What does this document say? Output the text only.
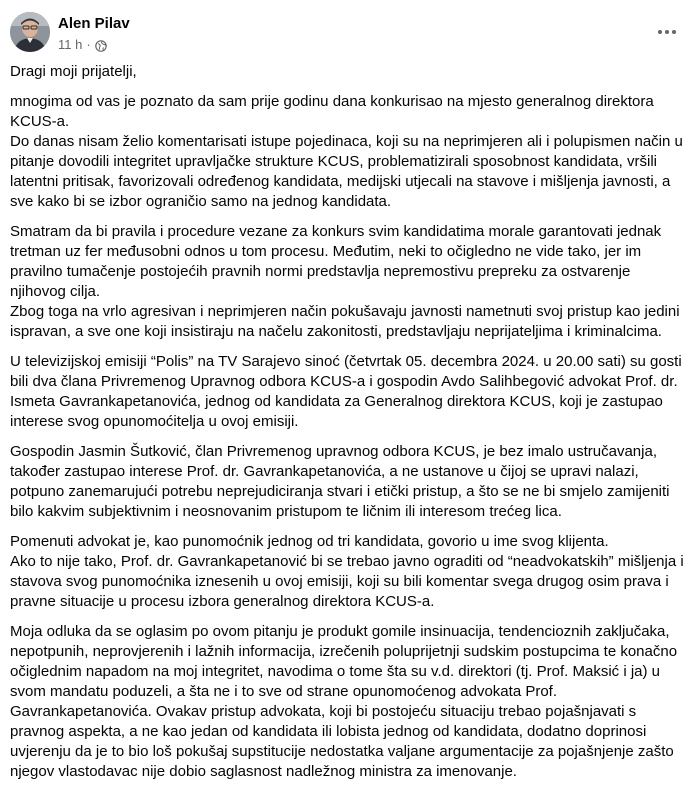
Alen Pilav
11 h ·

Dragi moji prijatelji,

mnogima od vas je poznato da sam prije godinu dana konkurisao na mjesto generalnog direktora
KCUS-a.
Do danas nisam želio komentarisati istupe pojedinaca, koji su na neprimjeren ali i polupismen način u
pitanje dovodili integritet upravljačke strukture KCUS, problematizirali sposobnost kandidata, vršili
latentni pritisak, favorizovali određenog kandidata, medijski utjecali na stavove i mišljenja javnosti, a
sve kako bi se izbor ograničio samo na jednog kandidata.

Smatram da bi pravila i procedure vezane za konkurs svim kandidatima morale garantovati jednak
tretman uz fer međusobni odnos u tom procesu. Međutim, neki to očigledno ne vide tako, jer im
pravilno tumačenje postojećih pravnih normi predstavlja nepremostivu prepreku za ostvarenje
njihovog cilja.
Zbog toga na vrlo agresivan i neprimjeren način pokušavaju javnosti nametnuti svoj pristup kao jedini
ispravan, a sve one koji insistiraju na načelu zakonitosti, predstavljaju neprijateljima i kriminalcima.

U televizijskoj emisiji “Polis” na TV Sarajevo sinoć (četvrtak 05. decembra 2024. u 20.00 sati) su gosti
bili dva člana Privremenog Upravnog odbora KCUS-a i gospodin Avdo Salihbegović advokat Prof. dr.
Ismeta Gavrankapetanovića, jednog od kandidata za Generalnog direktora KCUS, koji je zastupao
interese svog opunomoćitelja u ovoj emisiji.

Gospodin Jasmin Šutković, član Privremenog upravnog odbora KCUS, je bez imalo ustručavanja,
također zastupao interese Prof. dr. Gavrankapetanovića, a ne ustanove u čijoj se upravi nalazi,
potpuno zanemarujući potrebu neprejudiciranja stvari i etički pristup, a što se ne bi smjelo zamijeniti
bilo kakvim subjektivnim i neosnovanim pristupom te ličnim ili interesom trećeg lica.

Pomenuti advokat je, kao punomoćnik jednog od tri kandidata, govorio u ime svog klijenta.
Ako to nije tako, Prof. dr. Gavrankapetanović bi se trebao javno ograditi od “neadvokatskih” mišljenja i
stavova svog punomoćnika iznesenih u ovoj emisiji, koji su bili komentar svega drugog osim prava i
pravne situacije u procesu izbora generalnog direktora KCUS-a.

Moja odluka da se oglasim po ovom pitanju je produkt gomile insinuacija, tendencioznih zaključaka,
nepotpunih, neprovjerenih i lažnih informacija, izrečenih poluprijetnji sudskim postupcima te konačno
očiglednim napadom na moj integritet, navodima o tome šta su v.d. direktori (tj. Prof. Maksić i ja) u
svom mandatu poduzeli, a šta ne i to sve od strane opunomoćenog advokata Prof.
Gavrankapetanovića. Ovakav pristup advokata, koji bi postojeću situaciju trebao pojašnjavati s
pravnog aspekta, a ne kao jedan od kandidata ili lobista jednog od kandidata, dodatno doprinosi
uvjerenju da je to bio loš pokušaj supstitucije nedostatka valjane argumentacije za pojašnjenje zašto
njegov vlastodavac nije dobio saglasnost nadležnog ministra za imenovanje.
